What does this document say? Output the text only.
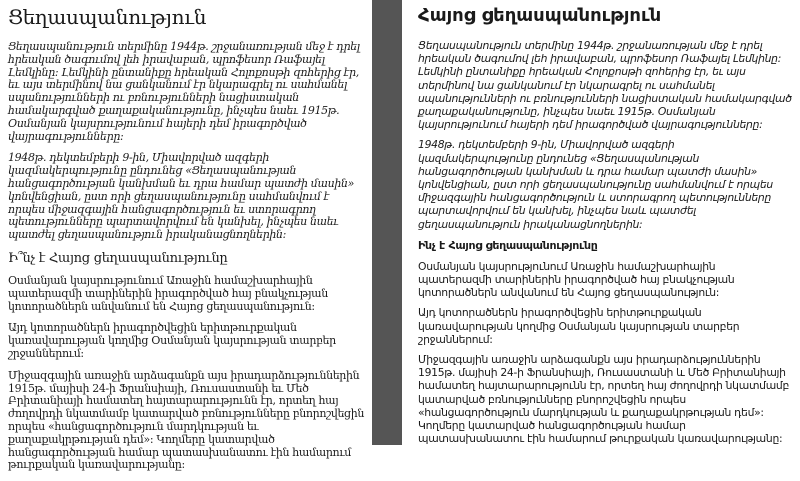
Ցեղասպանություն

Ցեղասպանություն տերմինը 1944թ. շրջանառության մեջ է դրել հրեական ծագումով լեհ իրավաբան, պրոֆեսոր Ռաֆայել Լեմկինը: Լեմկինի ընտանիքը հրեական Հոլոքոսթի զոհերից էր, եւ այս տերմինով նա ցանկանում էր նկարագրել ու սահմանել սպանությունների ու բռնությունների նացիստական համակարգված քաղաքականությունը, ինչպես նաեւ 1915թ. Օսմանյան կայսրությունում հայերի դեմ իրագործված վայրագությունները:

1948թ. դեկտեմբերի 9-ին, Միավորված ազգերի կազմակերպությունը ընդունեց «Ցեղասպանության հանցագործության կանխման եւ դրա համար պատժի մասին» կոնվենցիան, ըստ որի ցեղասպանությունը սահմանվում է որպես միջազգային հանցագործություն եւ ստորագրող պետությունները պարտավորվում են կանխել, ինչպես նաեւ պատժել ցեղասպանություն իրականացնողներին:

Ի՞նչ է Հայոց ցեղասպանությունը

Օսմանյան կայսրությունում Առաջին համաշխարհային պատերազմի տարիներին իրագործված հայ բնակչության կոտորածներն անվանում են Հայոց ցեղասպանություն:

Այդ կոտորածներն իրագործվեցին երիտթուրքական կառավարության կողմից Օսմանյան կայսրության տարբեր շրջաններում:

Միջազգային առաջին արձագանքն այս իրադարձություններին 1915թ. մայիսի 24-ի Ֆրանսիայի, Ռուսաստանի եւ Մեծ Բրիտանիայի համատեղ հայտարարությունն էր, որտեղ հայ ժողովրդի նկատմամբ կատարված բռնությունները բնորոշվեցին որպես «հանցագործություն մարդկության եւ քաղաքակրթության դեմ»: Կողմերը կատարված հանցագործության համար պատասխանատու էին համարում թուրքական կառավարությանը:

Հայոց ցեղասպանություն

Ցեղասպանություն տերմինը 1944թ. շրջանառության մեջ է դրել հրեական ծագումով լեհ իրավաբան, պրոֆեսոր Ռաֆայել Լեմկինը: Լեմկինի ընտանիքը հրեական Հոլոքոսթի զոհերից էր, եւ այս տերմինով նա ցանկանում էր նկարագրել ու սահմանել սպանությունների ու բռնությունների նացիստական համակարգված քաղաքականությունը, ինչպես նաեւ 1915թ. Օսմանյան կայսրությունում հայերի դեմ իրագործված վայրագությունները:

1948թ. դեկտեմբերի 9-ին, Միավորված ազգերի կազմակերպությունը ընդունեց «Ցեղասպանության հանցագործության կանխման և դրա համար պատժի մասին» կոնվենցիան, ըստ որի ցեղասպանությունը սահմանվում է որպես միջազգային հանցագործություն և ստորագրող պետությունները պարտավորվում են կանխել, ինչպես նաև պատժել ցեղասպանություն իրականացնողներին:

Ինչ է Հայոց ցեղասպանությունը

Օսմանյան կայսրությունում Առաջին համաշխարհային պատերազմի տարիներին իրագործված հայ բնակչության կոտորածներն անվանում են Հայոց ցեղասպանություն:

Այդ կոտորածներն իրագործվեցին երիտթուրքական կառավարության կողմից Օսմանյան կայսրության տարբեր շրջաններում:

Միջազգային առաջին արձագանքն այս իրադարձություններին 1915թ. մայիսի 24-ի Ֆրանսիայի, Ռուսաստանի և Մեծ Բրիտանիայի համատեղ հայտարարությունն էր, որտեղ հայ ժողովրդի նկատմամբ կատարված բռնությունները բնորոշվեցին որպես «հանցագործություն մարդկության և քաղաքակրթության դեմ»: Կողմերը կատարված հանցագործության համար պատասխանատու էին համարում թուրքական կառավարությանը:
